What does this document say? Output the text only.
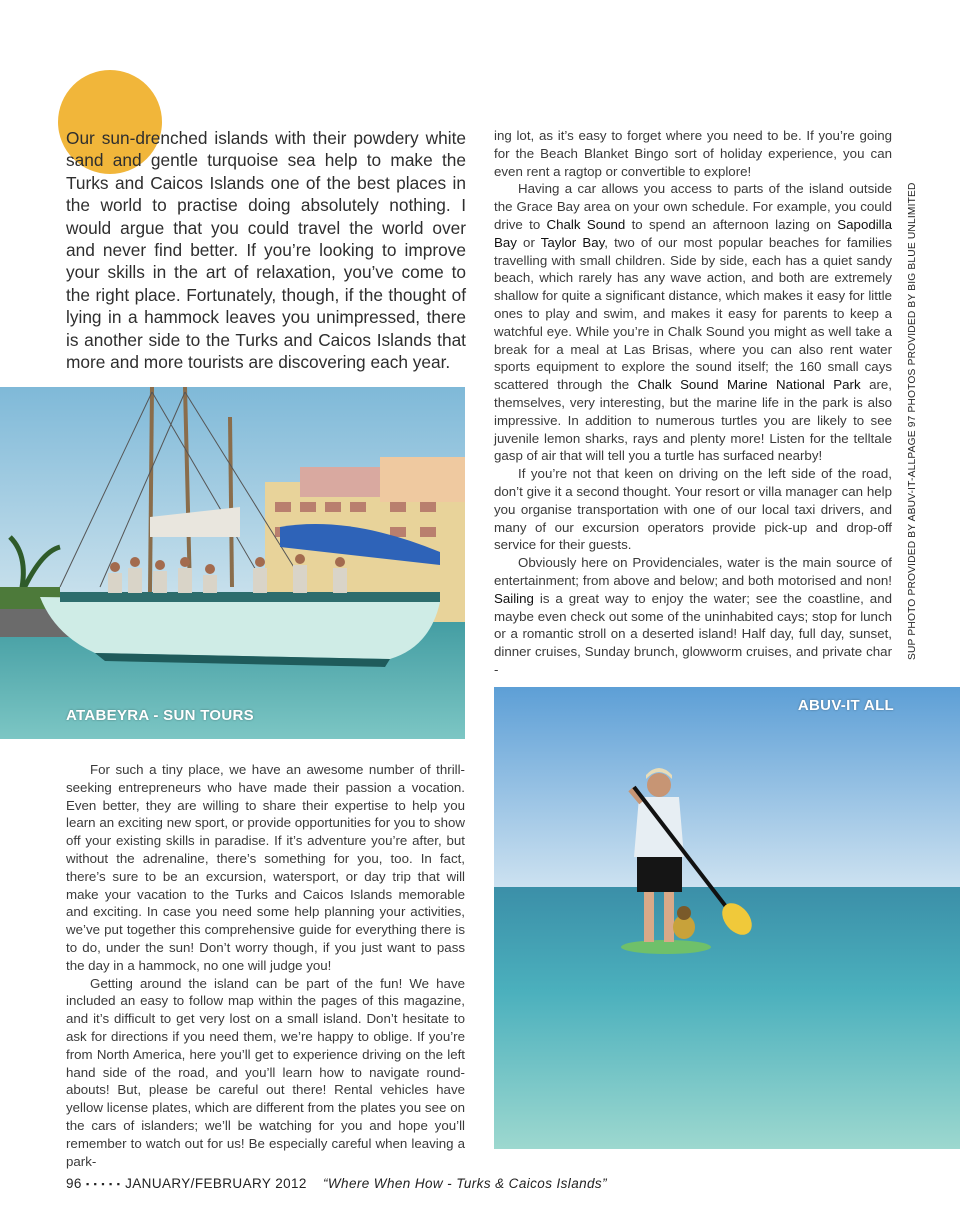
Our sun-drenched islands with their powdery white sand and gentle turquoise sea help to make the Turks and Caicos Islands one of the best places in the world to practise doing absolutely nothing. I would argue that you could travel the world over and never find better. If you’re looking to improve your skills in the art of relaxation, you’ve come to the right place. Fortunately, though, if the thought of lying in a hammock leaves you unimpressed, there is another side to the Turks and Caicos Islands that more and more tourists are discovering each year.

ing lot, as it’s easy to forget where you need to be. If you’re going for the Beach Blanket Bingo sort of holiday experience, you can even rent a ragtop or convertible to explore!

Having a car allows you access to parts of the island outside the Grace Bay area on your own schedule. For example, you could drive to Chalk Sound to spend an afternoon lazing on Sapodilla Bay or Taylor Bay, two of our most popular beaches for families travelling with small children. Side by side, each has a quiet sandy beach, which rarely has any wave action, and both are extremely shallow for quite a significant distance, which makes it easy for little ones to play and swim, and makes it easy for parents to keep a watchful eye. While you’re in Chalk Sound you might as well take a break for a meal at Las Brisas, where you can also rent water sports equipment to explore the sound itself; the 160 small cays scattered through the Chalk Sound Marine National Park are, themselves, very interesting, but the marine life in the park is also impressive. In addition to numerous turtles you are likely to see juvenile lemon sharks, rays and plenty more! Listen for the telltale gasp of air that will tell you a turtle has surfaced nearby!

If you’re not that keen on driving on the left side of the road, don’t give it a second thought. Your resort or villa manager can help you organise transportation with one of our local taxi drivers, and many of our excursion operators provide pick-up and drop-off service for their guests.

Obviously here on Providenciales, water is the main source of entertainment; from above and below; and both motorised and non! Sailing is a great way to enjoy the water; see the coastline, and maybe even check out some of the uninhabited cays; stop for lunch or a romantic stroll on a deserted island! Half day, full day, sunset, dinner cruises, Sunday brunch, glowworm cruises, and private char -

ATABEYRA - SUN TOURS
ABUV-IT ALL

For such a tiny place, we have an awesome number of thrill-seeking entrepreneurs who have made their passion a vocation. Even better, they are willing to share their expertise to help you learn an exciting new sport, or provide opportunities for you to show off your existing skills in paradise. If it’s adventure you’re after, but without the adrenaline, there’s something for you, too. In fact, there’s sure to be an excursion, watersport, or day trip that will make your vacation to the Turks and Caicos Islands memorable and exciting. In case you need some help planning your activities, we’ve put together this comprehensive guide for everything there is to do, under the sun! Don’t worry though, if you just want to pass the day in a hammock, no one will judge you!

Getting around the island can be part of the fun! We have included an easy to follow map within the pages of this magazine, and it’s difficult to get very lost on a small island. Don’t hesitate to ask for directions if you need them, we’re happy to oblige. If you’re from North America, here you’ll get to experience driving on the left hand side of the road, and you’ll learn how to navigate round-abouts! But, please be careful out there! Rental vehicles have yellow license plates, which are different from the plates you see on the cars of islanders; we’ll be watching for you and hope you’ll remember to watch out for us! Be especially careful when leaving a park-

SUP PHOTO PROVIDED BY ABUV-IT-ALL
PAGE 97 PHOTOS PROVIDED BY BIG BLUE UNLIMITED
96 ▪ ▪ ▪ ▪ ▪ JANUARY/FEBRUARY 2012 “Where When How - Turks & Caicos Islands”
